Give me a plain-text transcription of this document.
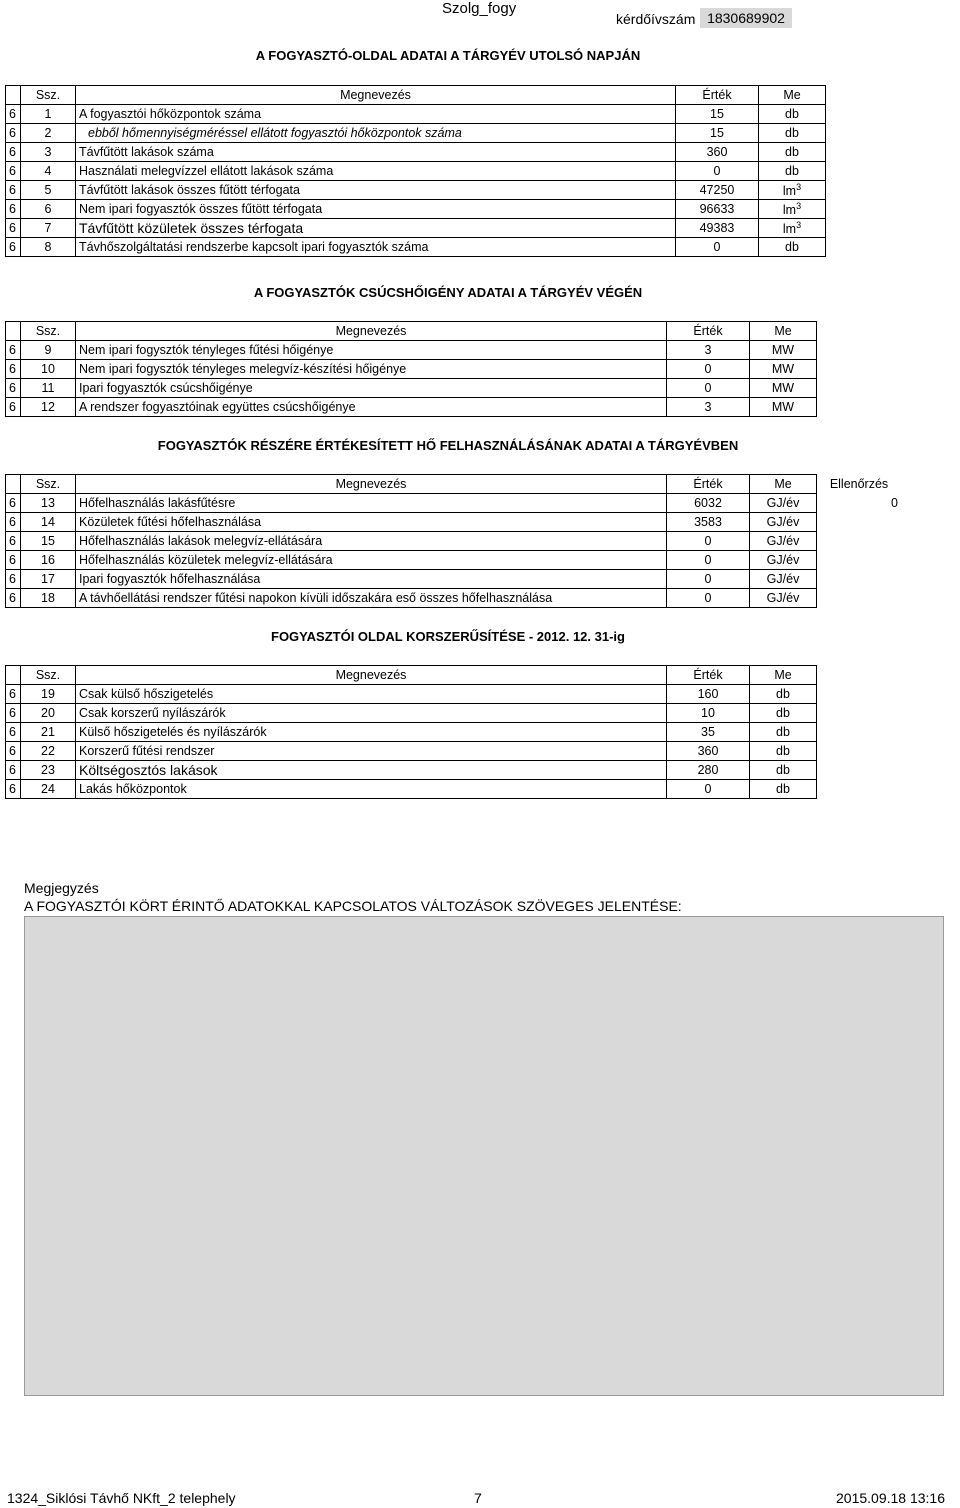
Szolg_fogy
kérdőívszám 1830689902
A FOGYASZTÓ-OLDAL ADATAI A TÁRGYÉV UTOLSÓ NAPJÁN
	Ssz.	Megnevezés	Érték	Me
6	1	A fogyasztói hőközpontok száma	15	db
6	2	ebből hőmennyiségméréssel ellátott fogyasztói hőközpontok száma	15	db
6	3	Távfűtött lakások száma	360	db
6	4	Használati melegvízzel ellátott lakások száma	0	db
6	5	Távfűtött lakások összes fűtött térfogata	47250	$lm^3$
6	6	Nem ipari fogyasztók összes fűtött térfogata	96633	$lm^3$
6	7	Távfűtött közületek összes térfogata	49383	$lm^3$
6	8	Távhőszolgáltatási rendszerbe kapcsolt ipari fogyasztók száma	0	db
A FOGYASZTÓK CSÚCSHŐIGÉNY ADATAI A TÁRGYÉV VÉGÉN
	Ssz.	Megnevezés	Érték	Me
6	9	Nem ipari fogysztók tényleges fűtési hőigénye	3	MW
6	10	Nem ipari fogysztók tényleges melegvíz-készítési hőigénye	0	MW
6	11	Ipari fogyasztók csúcshőigénye	0	MW
6	12	A rendszer fogyasztóinak együttes csúcshőigénye	3	MW
FOGYASZTÓK RÉSZÉRE ÉRTÉKESÍTETT HŐ FELHASZNÁLÁSÁNAK ADATAI A TÁRGYÉVBEN
	Ssz.	Megnevezés	Érték	Me	Ellenőrzés
6	13	Hőfelhasználás lakásfűtésre	6032	GJ/év	0
6	14	Közületek fűtési hőfelhasználása	3583	GJ/év	
6	15	Hőfelhasználás lakások melegvíz-ellátására	0	GJ/év	
6	16	Hőfelhasználás közületek melegvíz-ellátására	0	GJ/év	
6	17	Ipari fogyasztók hőfelhasználása	0	GJ/év	
6	18	A távhőellátási rendszer fűtési napokon kívüli időszakára eső összes hőfelhasználása	0	GJ/év	
FOGYASZTÓI OLDAL KORSZERŰSÍTÉSE - 2012. 12. 31-ig
	Ssz.	Megnevezés	Érték	Me
6	19	Csak külső hőszigetelés	160	db
6	20	Csak korszerű nyílászárók	10	db
6	21	Külső hőszigetelés és nyílászárók	35	db
6	22	Korszerű fűtési rendszer	360	db
6	23	Költségosztós lakások	280	db
6	24	Lakás hőközpontok	0	db
Megjegyzés
A FOGYASZTÓI KÖRT ÉRINTŐ ADATOKKAL KAPCSOLATOS VÁLTOZÁSOK SZÖVEGES JELENTÉSE:
1324_Siklósi Távhő NKft_2 telephely	7	2015.09.18 13:16
